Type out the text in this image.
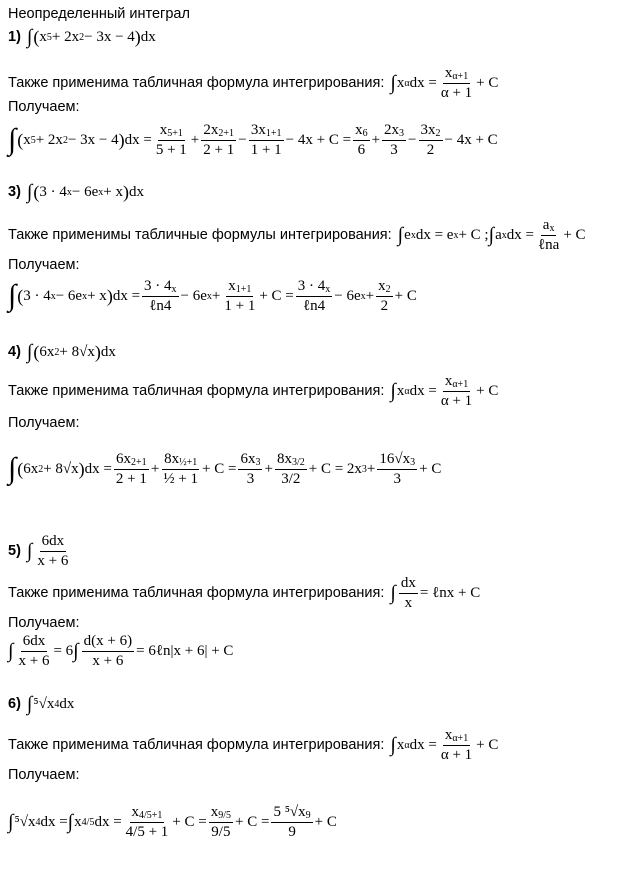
Неопределенный интеграл
1) ∫ ( x 5 + 2x 2 − 3x − 4 ) dx
Также применима табличная формула интегрирования: ∫ x α dx = $\frac{\text{x α+1}}{\alpha + 1} + C$
Получаем:
∫ ( x 5 + 2x 2 − 3x − 4 ) dx = $\frac{x 5+1}{5 + 1} + \frac{2x 2+1}{2 + 1} - \frac{3x 1+1}{1 + 1} - 4x + C = \frac{x 6}{6} + \frac{2x 3}{3} - \frac{3x 2}{2} - 4x + C$
3) ∫ ( 3 · 4 x − 6e x + x ) dx
Также применимы табличные формулы интегрирования: ∫ e x dx = e x + C ; ∫ a x dx = $\frac{\text{a x}}{\text{ℓna}} + C$
Получаем:
∫ ( 3 · 4 x − 6e x + x ) dx = $\frac{3 \cdot 4 x}{\text{ℓn4}} - 6e$ $x + \frac{x 1+1}{1 + 1} + C = \frac{3 \cdot 4 x}{\text{ℓn4}} - 6e$ $x + \frac{x 2}{2} + C$
4) ∫ ( 6x 2 + 8√x ) dx
Также применима табличная формула интегрирования: ∫ x α dx = $\frac{\text{x α+1}}{\alpha + 1} + C$
Получаем:
∫ ( 6x 2 + 8√x ) dx = $\frac{6x 2+1}{2 + 1} + \frac{\text{8x ½+1}}{\text{½ + 1}} + C = \frac{6x 3}{3} + \frac{8x 3/2}{3/2} + C = 2x$ $3 + \frac{16√x 3}{3} + C$
5) ∫ $\frac{6dx}{x + 6}$
Также применима табличная формула интегрирования: ∫ $\frac{dx}{x}$ = ℓnx + C
Получаем:
∫ $\frac{6dx}{x + 6} = 6$ ∫ $\frac{d(x + 6)}{x + 6}$ = 6ℓn|x + 6| + C
6) ∫ ⁵√x 4 dx
Также применима табличная формула интегрирования: ∫ x α dx = $\frac{\text{x α+1}}{\alpha + 1} + C$
Получаем:
∫ ⁵√x 4 dx = ∫ x 4/5 dx = $\frac{x 4/5+1}{4/5 + 1} + C = \frac{x 9/5}{9/5} + C = \frac{\text{5 ⁵√x 9}}{9} + C$
